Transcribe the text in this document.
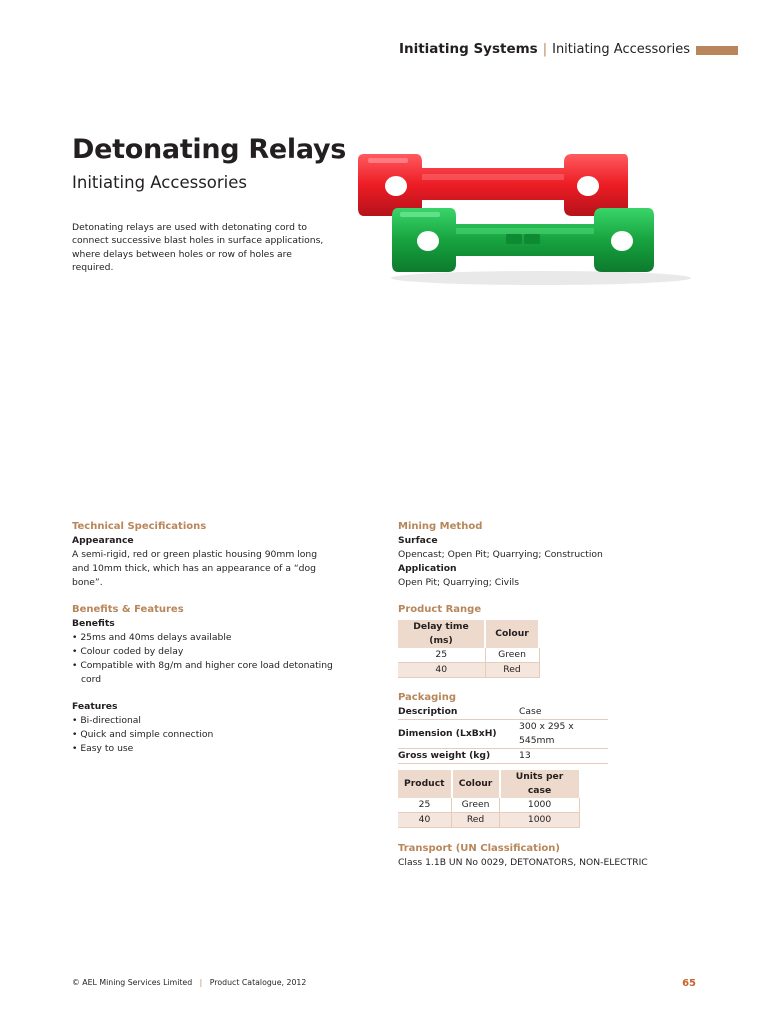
Initiating Systems | Initiating Accessories
Detonating Relays
Initiating Accessories
Detonating relays are used with detonating cord to connect successive blast holes in surface applications, where delays between holes or row of holes are required.
Technical Specifications
Appearance
A semi-rigid, red or green plastic housing 90mm long and 10mm thick, which has an appearance of a “dog bone”.
Benefits & Features
Benefits
• 25ms and 40ms delays available
• Colour coded by delay
• Compatible with 8g/m and higher core load detonating cord
Features
• Bi-directional
• Quick and simple connection
• Easy to use
Mining Method
Surface
Opencast; Open Pit; Quarrying; Construction
Application
Open Pit; Quarrying; Civils
Product Range
Delay time (ms)	Colour
25	Green
40	Red
Packaging
Description	Case
Dimension (LxBxH)	300 x 295 x 545mm
Gross weight (kg)	13
Product	Colour	Units per case
25	Green	1000
40	Red	1000
Transport (UN Classification)
Class 1.1B UN No 0029, DETONATORS, NON-ELECTRIC
© AEL Mining Services Limited | Product Catalogue, 2012	65
